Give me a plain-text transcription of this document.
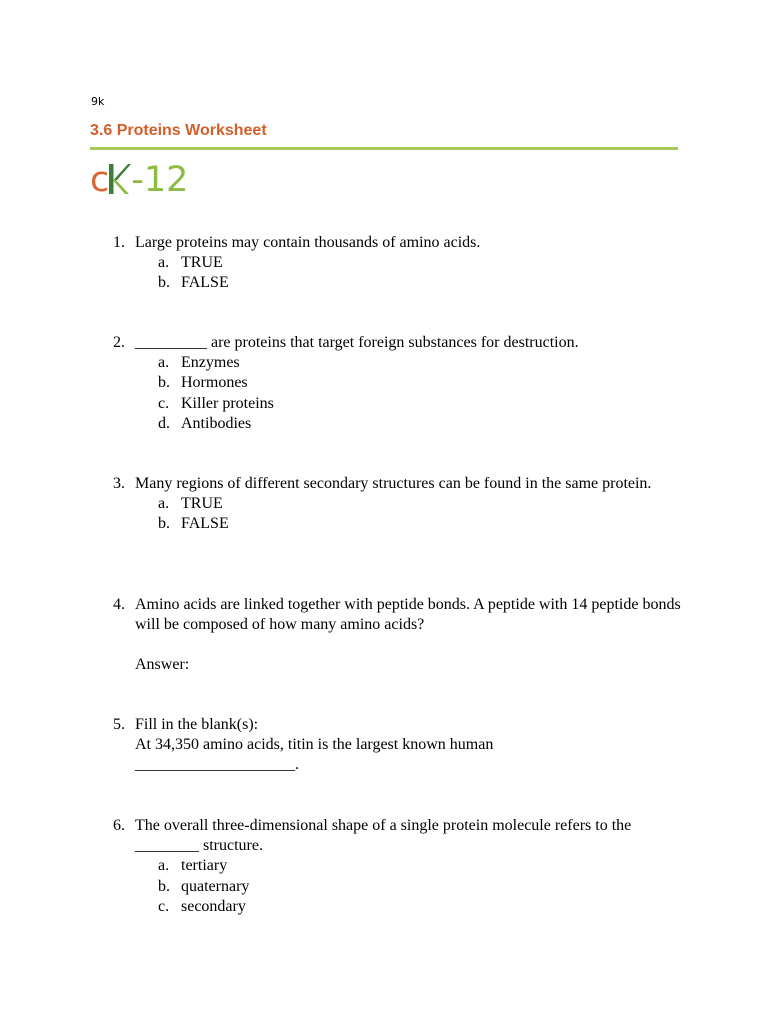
9k
3.6 Proteins Worksheet
c -12
1. Large proteins may contain thousands of amino acids.
a. TRUE
b. FALSE
2. _________ are proteins that target foreign substances for destruction.
a. Enzymes
b. Hormones
c. Killer proteins
d. Antibodies
3. Many regions of different secondary structures can be found in the same protein.
a. TRUE
b. FALSE
4. Amino acids are linked together with peptide bonds. A peptide with 14 peptide bonds will be composed of how many amino acids?
Answer:
5. Fill in the blank(s):
At 34,350 amino acids, titin is the largest known human ____________________.
6. The overall three-dimensional shape of a single protein molecule refers to the ________ structure.
a. tertiary
b. quaternary
c. secondary
